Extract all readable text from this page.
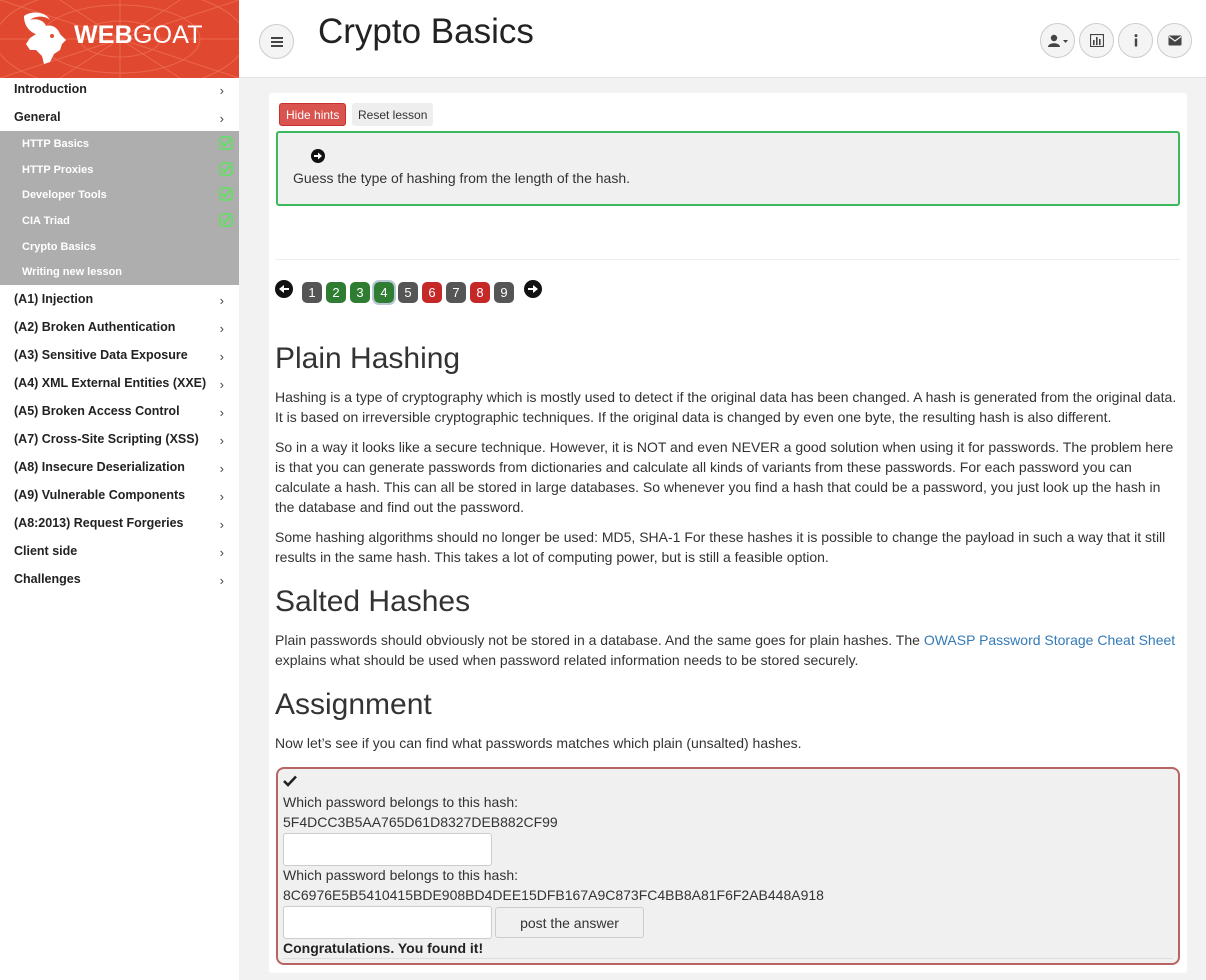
WEBGOAT
Introduction	›
General	›
HTTP Basics
HTTP Proxies
Developer Tools
CIA Triad
Crypto Basics
Writing new lesson
(A1) Injection	›
(A2) Broken Authentication	›
(A3) Sensitive Data Exposure ›
(A4) XML External Entities (XXE) ›
(A5) Broken Access Control	›
(A7) Cross-Site Scripting (XSS) ›
(A8) Insecure Deserialization	›
(A9) Vulnerable Components	›
(A8:2013) Request Forgeries	›
Client side	›
Challenges	›
Crypto Basics
Hide hints	Reset lesson
Guess the type of hashing from the length of the hash.
1	2	3	4	5	6	7	8	9
Plain Hashing

Hashing is a type of cryptography which is mostly used to detect if the original data has been changed. A hash is generated from the original data. It is based on irreversible cryptographic techniques. If the original data is changed by even one byte, the resulting hash is also different.

So in a way it looks like a secure technique. However, it is NOT and even NEVER a good solution when using it for passwords. The problem here is that you can generate passwords from dictionaries and calculate all kinds of variants from these passwords. For each password you can calculate a hash. This can all be stored in large databases. So whenever you find a hash that could be a password, you just look up the hash in the database and find out the password.

Some hashing algorithms should no longer be used: MD5, SHA-1 For these hashes it is possible to change the payload in such a way that it still results in the same hash. This takes a lot of computing power, but is still a feasible option.

Salted Hashes

Plain passwords should obviously not be stored in a database. And the same goes for plain hashes. The OWASP Password Storage Cheat Sheet explains what should be used when password related information needs to be stored securely.

Assignment

Now let’s see if you can find what passwords matches which plain (unsalted) hashes.

Which password belongs to this hash:
5F4DCC3B5AA765D61D8327DEB882CF99
Which password belongs to this hash:
8C6976E5B5410415BDE908BD4DEE15DFB167A9C873FC4BB8A81F6F2AB448A918
post the answer
Congratulations. You found it!
